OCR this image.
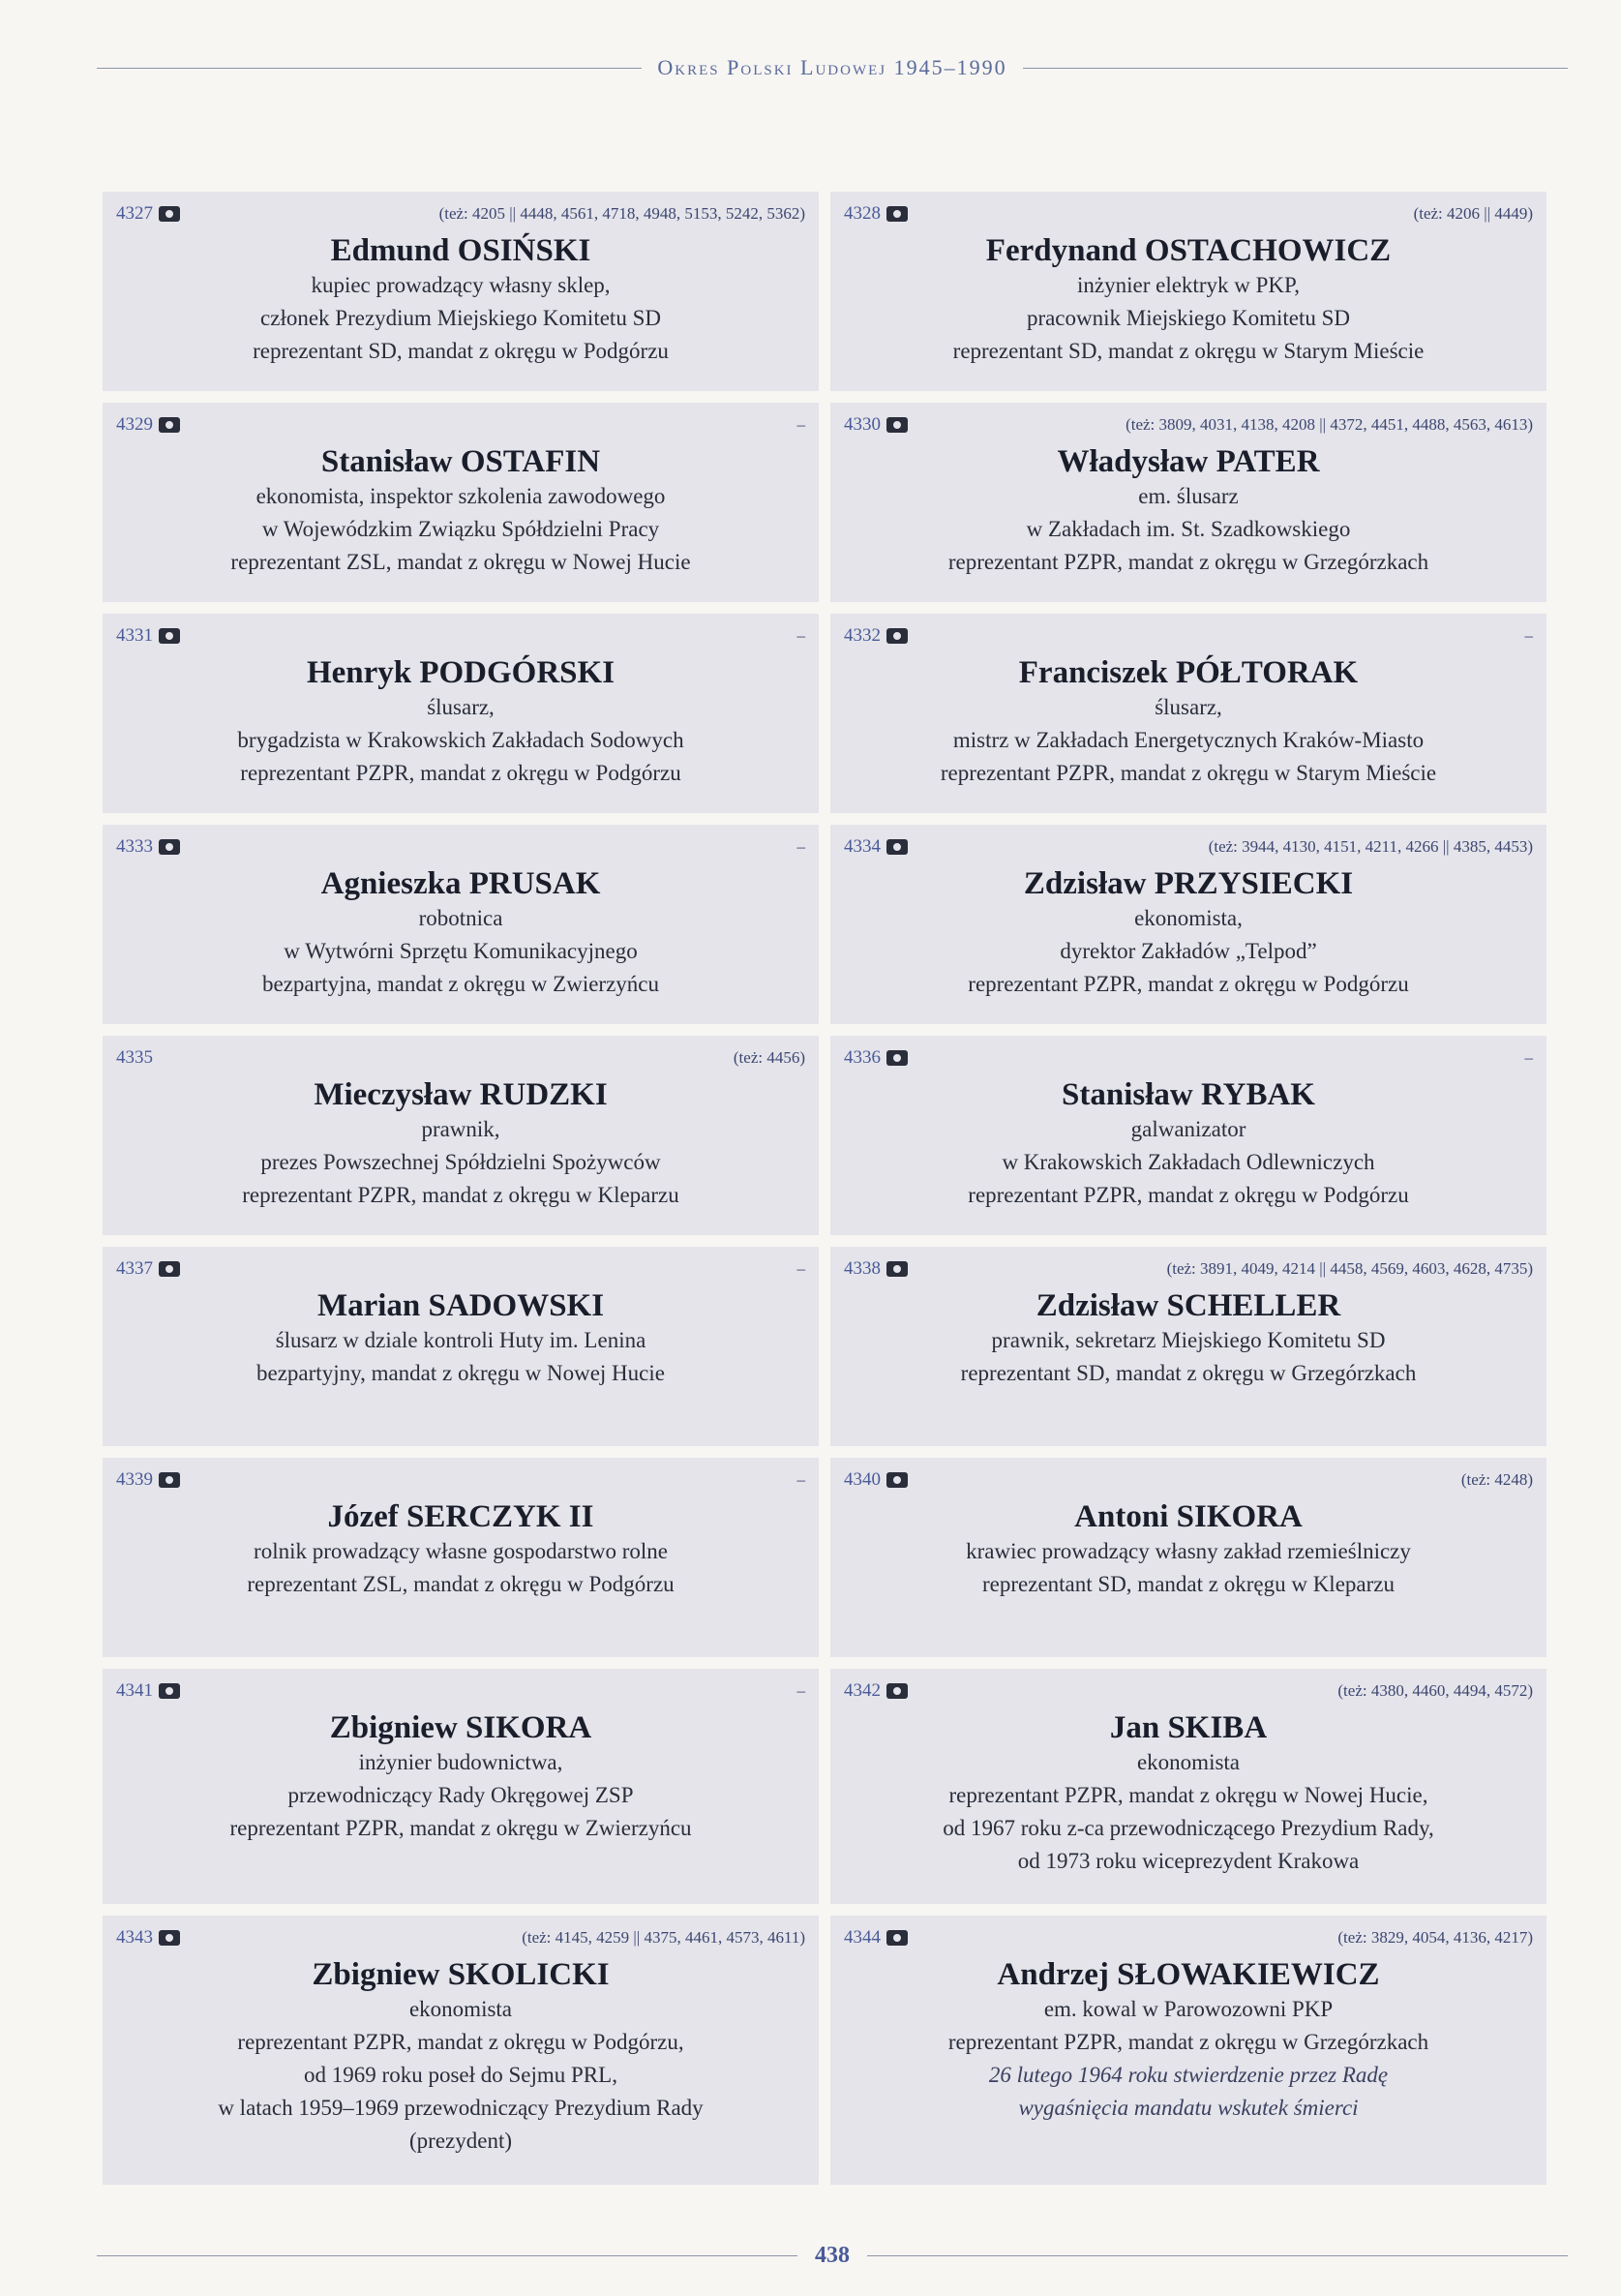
Okres Polski Ludowej 1945–1990
4327	(też: 4205 || 4448, 4561, 4718, 4948, 5153, 5242, 5362)
Edmund OSIŃSKI
kupiec prowadzący własny sklep,
członek Prezydium Miejskiego Komitetu SD
reprezentant SD, mandat z okręgu w Podgórzu
4328	(też: 4206 || 4449)
Ferdynand OSTACHOWICZ
inżynier elektryk w PKP,
pracownik Miejskiego Komitetu SD
reprezentant SD, mandat z okręgu w Starym Mieście
4329	–
Stanisław OSTAFIN
ekonomista, inspektor szkolenia zawodowego
w Wojewódzkim Związku Spółdzielni Pracy
reprezentant ZSL, mandat z okręgu w Nowej Hucie
4330	(też: 3809, 4031, 4138, 4208 || 4372, 4451, 4488, 4563, 4613)
Władysław PATER
em. ślusarz
w Zakładach im. St. Szadkowskiego
reprezentant PZPR, mandat z okręgu w Grzegórzkach
4331	–
Henryk PODGÓRSKI
ślusarz,
brygadzista w Krakowskich Zakładach Sodowych
reprezentant PZPR, mandat z okręgu w Podgórzu
4332	–
Franciszek PÓŁTORAK
ślusarz,
mistrz w Zakładach Energetycznych Kraków-Miasto
reprezentant PZPR, mandat z okręgu w Starym Mieście
4333	–
Agnieszka PRUSAK
robotnica
w Wytwórni Sprzętu Komunikacyjnego
bezpartyjna, mandat z okręgu w Zwierzyńcu
4334	(też: 3944, 4130, 4151, 4211, 4266 || 4385, 4453)
Zdzisław PRZYSIECKI
ekonomista,
dyrektor Zakładów „Telpod”
reprezentant PZPR, mandat z okręgu w Podgórzu
4335	(też: 4456)
Mieczysław RUDZKI
prawnik,
prezes Powszechnej Spółdzielni Spożywców
reprezentant PZPR, mandat z okręgu w Kleparzu
4336	–
Stanisław RYBAK
galwanizator
w Krakowskich Zakładach Odlewniczych
reprezentant PZPR, mandat z okręgu w Podgórzu
4337	–
Marian SADOWSKI
ślusarz w dziale kontroli Huty im. Lenina
bezpartyjny, mandat z okręgu w Nowej Hucie
4338	(też: 3891, 4049, 4214 || 4458, 4569, 4603, 4628, 4735)
Zdzisław SCHELLER
prawnik, sekretarz Miejskiego Komitetu SD
reprezentant SD, mandat z okręgu w Grzegórzkach
4339	–
Józef SERCZYK II
rolnik prowadzący własne gospodarstwo rolne
reprezentant ZSL, mandat z okręgu w Podgórzu
4340	(też: 4248)
Antoni SIKORA
krawiec prowadzący własny zakład rzemieślniczy
reprezentant SD, mandat z okręgu w Kleparzu
4341	–
Zbigniew SIKORA
inżynier budownictwa,
przewodniczący Rady Okręgowej ZSP
reprezentant PZPR, mandat z okręgu w Zwierzyńcu
4342	(też: 4380, 4460, 4494, 4572)
Jan SKIBA
ekonomista
reprezentant PZPR, mandat z okręgu w Nowej Hucie,
od 1967 roku z-ca przewodniczącego Prezydium Rady,
od 1973 roku wiceprezydent Krakowa
4343	(też: 4145, 4259 || 4375, 4461, 4573, 4611)
Zbigniew SKOLICKI
ekonomista
reprezentant PZPR, mandat z okręgu w Podgórzu,
od 1969 roku poseł do Sejmu PRL,
w latach 1959–1969 przewodniczący Prezydium Rady
(prezydent)
4344	(też: 3829, 4054, 4136, 4217)
Andrzej SŁOWAKIEWICZ
em. kowal w Parowozowni PKP
reprezentant PZPR, mandat z okręgu w Grzegórzkach
26 lutego 1964 roku stwierdzenie przez Radę
wygaśnięcia mandatu wskutek śmierci
438
